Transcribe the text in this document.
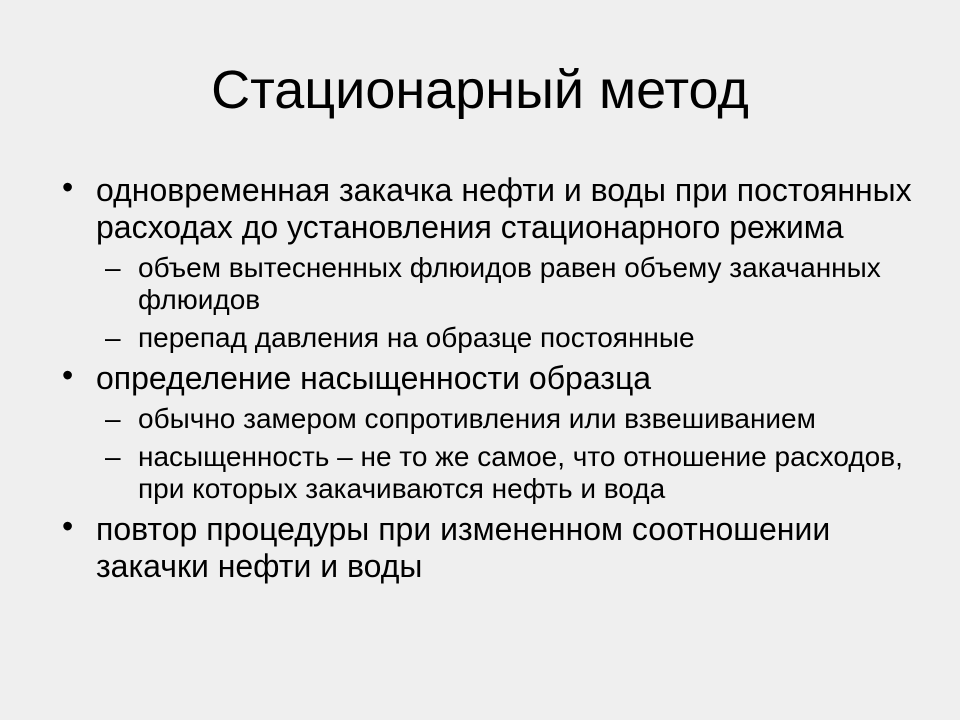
Стационарный метод
• одновременная закачка нефти и воды при постоянных расходах до установления стационарного режима
– объем вытесненных флюидов равен объему закачанных флюидов
– перепад давления на образце постоянные
• определение насыщенности образца
– обычно замером сопротивления или взвешиванием
– насыщенность – не то же самое, что отношение расходов, при которых закачиваются нефть и вода
• повтор процедуры при измененном соотношении закачки нефти и воды
